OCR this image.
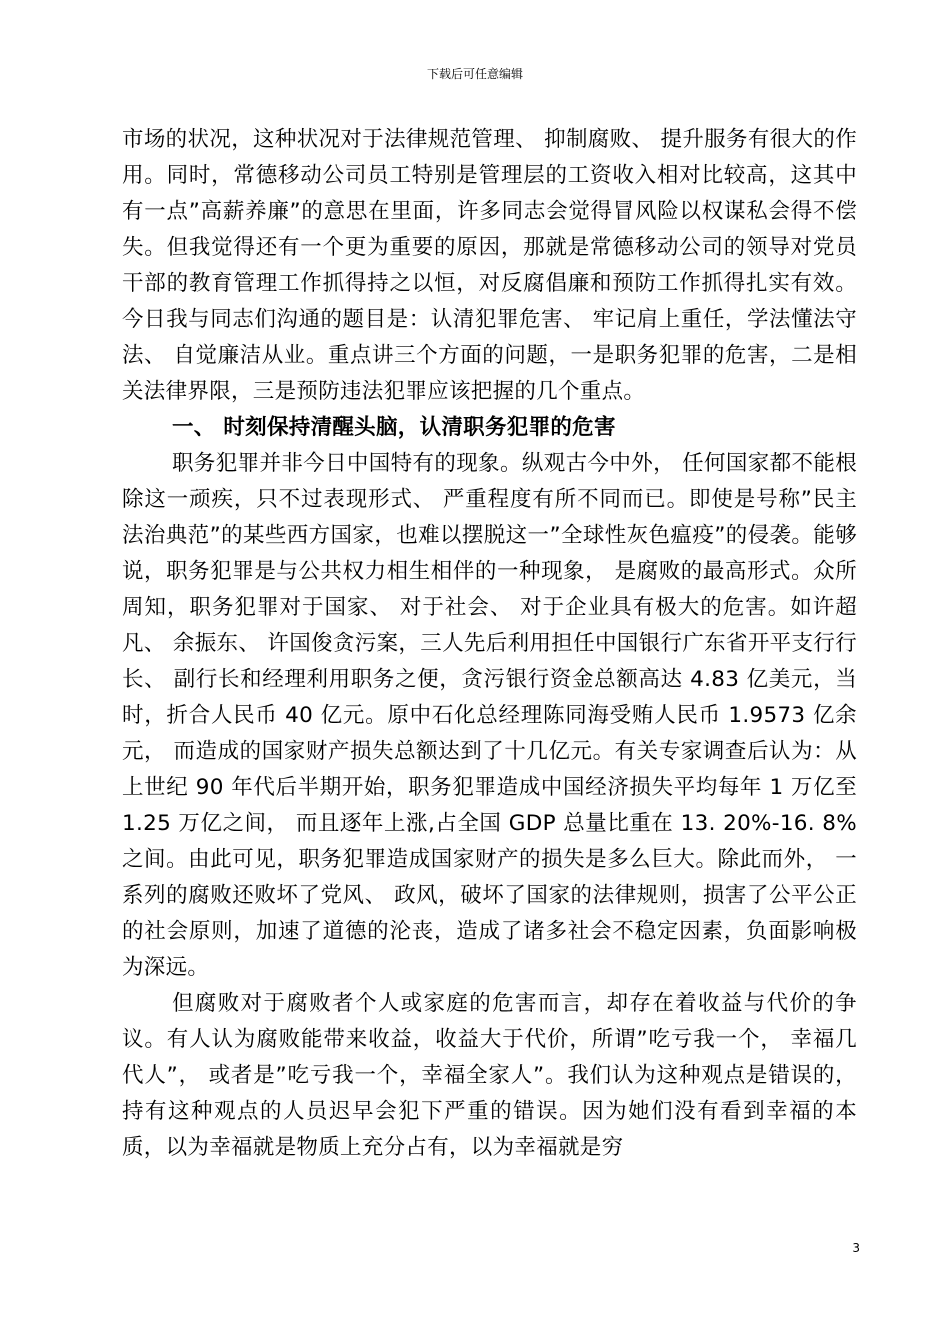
下载后可任意编辑

市场的状况，这种状况对于法律规范管理、 抑制腐败、 提升服务有很大的作用。同时，常德移动公司员工特别是管理层的工资收入相对比较高，这其中有一点”高薪养廉”的意思在里面，许多同志会觉得冒风险以权谋私会得不偿失。但我觉得还有一个更为重要的原因，那就是常德移动公司的领导对党员干部的教育管理工作抓得持之以恒，对反腐倡廉和预防工作抓得扎实有效。今日我与同志们沟通的题目是：认清犯罪危害、 牢记肩上重任，学法懂法守法、 自觉廉洁从业。重点讲三个方面的问题，一是职务犯罪的危害，二是相关法律界限，三是预防违法犯罪应该把握的几个重点。

一、 时刻保持清醒头脑，认清职务犯罪的危害

职务犯罪并非今日中国特有的现象。纵观古今中外， 任何国家都不能根除这一顽疾，只不过表现形式、 严重程度有所不同而已。即使是号称”民主法治典范”的某些西方国家，也难以摆脱这一”全球性灰色瘟疫”的侵袭。能够说，职务犯罪是与公共权力相生相伴的一种现象， 是腐败的最高形式。众所周知，职务犯罪对于国家、 对于社会、 对于企业具有极大的危害。如许超凡、 余振东、 许国俊贪污案，三人先后利用担任中国银行广东省开平支行行长、 副行长和经理利用职务之便，贪污银行资金总额高达 4.83 亿美元，当时，折合人民币 40 亿元。原中石化总经理陈同海受贿人民币 1.9573 亿余元， 而造成的国家财产损失总额达到了十几亿元。有关专家调查后认为：从上世纪 90 年代后半期开始，职务犯罪造成中国经济损失平均每年 1 万亿至 1.25 万亿之间， 而且逐年上涨,占全国 GDP 总量比重在 13. 20%-16. 8%之间。由此可见，职务犯罪造成国家财产的损失是多么巨大。除此而外， 一系列的腐败还败坏了党风、 政风，破坏了国家的法律规则，损害了公平公正的社会原则，加速了道德的沦丧，造成了诸多社会不稳定因素，负面影响极为深远。

但腐败对于腐败者个人或家庭的危害而言，却存在着收益与代价的争议。有人认为腐败能带来收益，收益大于代价，所谓”吃亏我一个， 幸福几代人”， 或者是”吃亏我一个，幸福全家人”。我们认为这种观点是错误的，持有这种观点的人员迟早会犯下严重的错误。因为她们没有看到幸福的本质，以为幸福就是物质上充分占有，以为幸福就是穷

3
